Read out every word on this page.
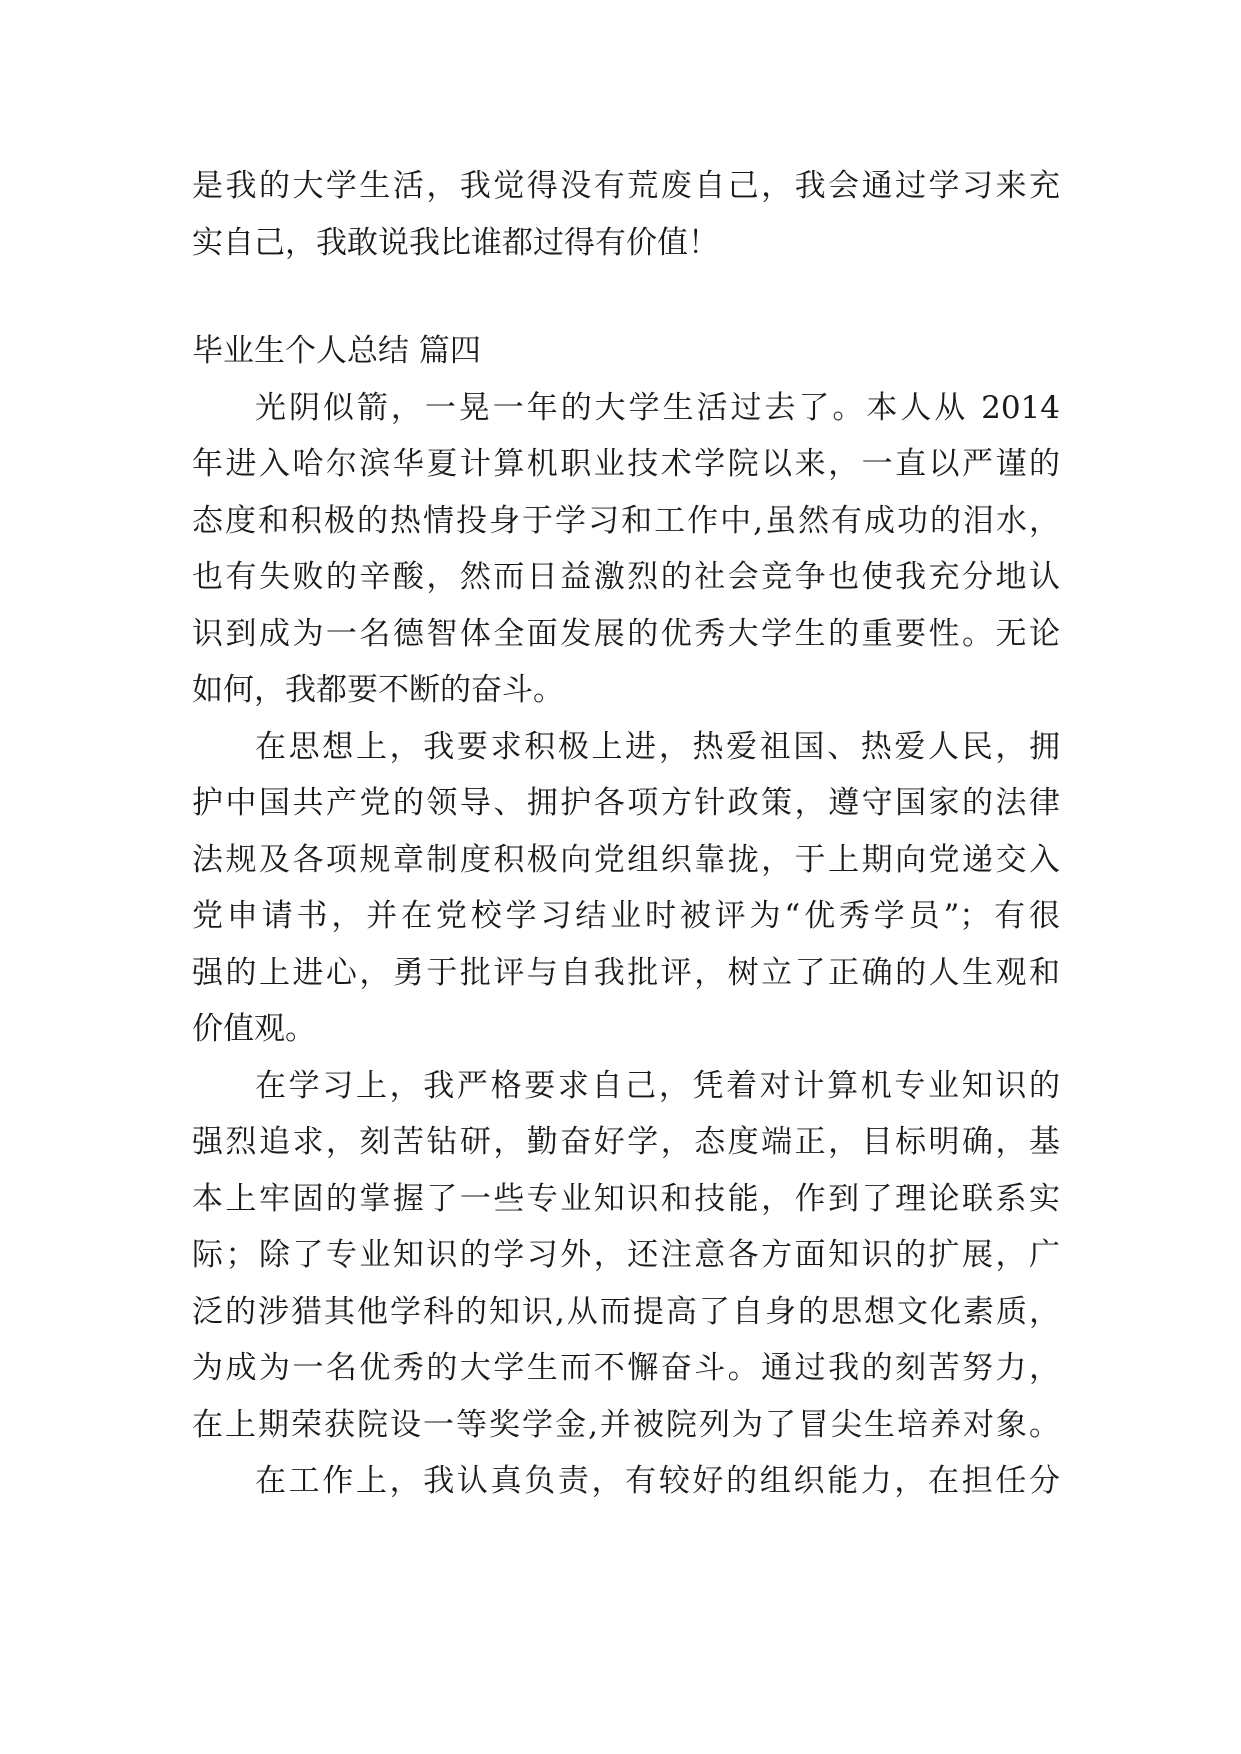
是我的大学生活，我觉得没有荒废自己，我会通过学习来充
实自己，我敢说我比谁都过得有价值！
毕业生个人总结 篇四
光阴似箭，一晃一年的大学生活过去了。本人从 2014
年进入哈尔滨华夏计算机职业技术学院以来，一直以严谨的
态度和积极的热情投身于学习和工作中,虽然有成功的泪水，
也有失败的辛酸，然而日益激烈的社会竞争也使我充分地认
识到成为一名德智体全面发展的优秀大学生的重要性。无论
如何，我都要不断的奋斗。
在思想上，我要求积极上进，热爱祖国、热爱人民，拥
护中国共产党的领导、拥护各项方针政策，遵守国家的法律
法规及各项规章制度积极向党组织靠拢，于上期向党递交入
党申请书，并在党校学习结业时被评为“优秀学员”；有很
强的上进心，勇于批评与自我批评，树立了正确的人生观和
价值观。
在学习上，我严格要求自己，凭着对计算机专业知识的
强烈追求，刻苦钻研，勤奋好学，态度端正，目标明确，基
本上牢固的掌握了一些专业知识和技能，作到了理论联系实
际；除了专业知识的学习外，还注意各方面知识的扩展，广
泛的涉猎其他学科的知识,从而提高了自身的思想文化素质，
为成为一名优秀的大学生而不懈奋斗。通过我的刻苦努力，
在上期荣获院设一等奖学金,并被院列为了冒尖生培养对象。
在工作上，我认真负责，有较好的组织能力，在担任分
